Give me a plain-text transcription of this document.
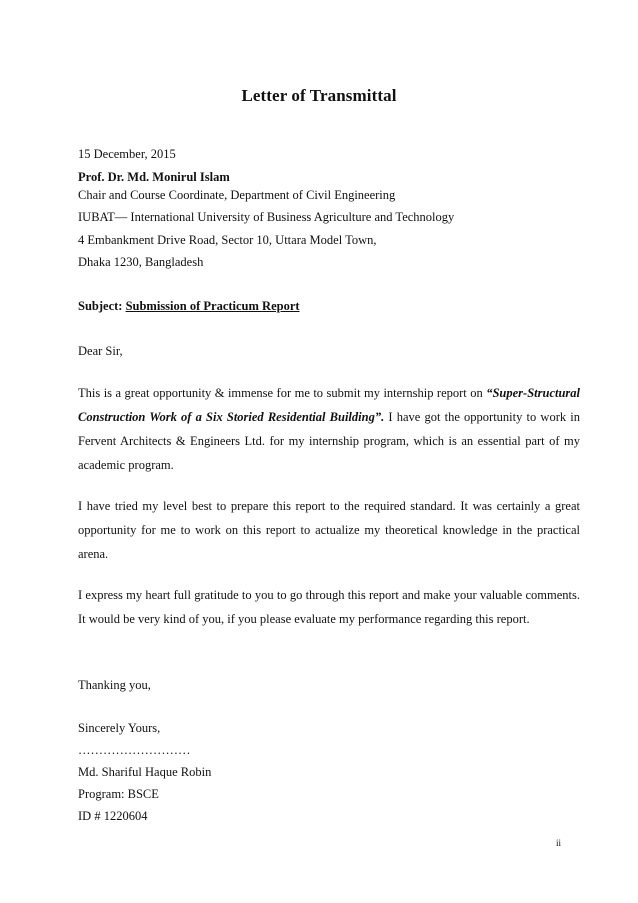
Letter of Transmittal
15 December, 2015
Prof. Dr. Md. Monirul Islam
Chair and Course Coordinate, Department of Civil Engineering
IUBAT— International University of Business Agriculture and Technology
4 Embankment Drive Road, Sector 10, Uttara Model Town,
Dhaka 1230, Bangladesh
Subject: Submission of Practicum Report
Dear Sir,
This is a great opportunity & immense for me to submit my internship report on “Super-Structural Construction Work of a Six Storied Residential Building”. I have got the opportunity to work in Fervent Architects & Engineers Ltd. for my internship program, which is an essential part of my academic program.
I have tried my level best to prepare this report to the required standard. It was certainly a great opportunity for me to work on this report to actualize my theoretical knowledge in the practical arena.
I express my heart full gratitude to you to go through this report and make your valuable comments. It would be very kind of you, if you please evaluate my performance regarding this report.
Thanking you,
Sincerely Yours,
………………………
Md. Shariful Haque Robin
Program: BSCE
ID # 1220604
ii
